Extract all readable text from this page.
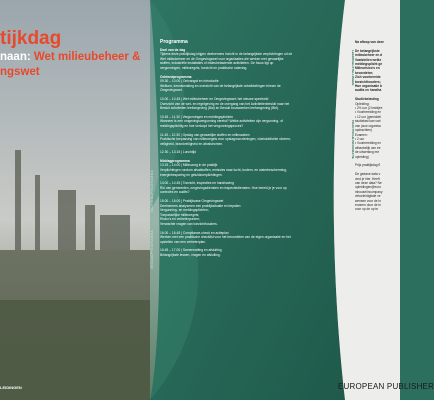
tijkdag
naan: Wet milieubeheer &
ngswet
OCHTENDPROGRAMMA
MIDDAGPROGRAMMA
LEIDINGEN
Programma
Doel van de dag
Tijdens deze praktijkdag krijgen deelnemers inzicht in de belangrijkste verplichtingen uit de
Wet milieubeheer en de Omgevingswet voor organisaties die werken met gevaarlijke
stoffen, industriële installaties of milieubelastende activiteiten. De focus ligt op
vergunningen, milieuregels, toezicht en praktische naleving.
Ochtendprogramma
09.30 – 10.00 | Ontvangst en introductie
Welkom, kennismaking en overzicht van de belangrijkste ontwikkelingen binnen de
Omgevingswet.
10.00 – 10.45 | Wet milieubeheer en Omgevingswet: het nieuwe speelveld
Overzicht van de wet- en regelgeving en de overgang van het Activiteitenbesluit naar het
Besluit activiteiten leefomgeving (Bal) en Besluit bouwwerken leefomgeving (Bbl).
10.45 – 11.30 | Vergunningen en meldingsplichten
Wanneer is een omgevingsvergunning vereist? Welke activiteiten zijn vergunning- of
meldingsplichtig en hoe verloopt het vergunningsproces?
11.45 – 12.30 | Opslag van gevaarlijke stoffen en milieuzaken
Praktische toepassing van milieuregels voor opslagvoorzieningen, vloeistofdichte vloeren,
veiligheid, brandveiligheid en afvalstromen.
12.30 – 13.15 | Lunchtijd
Middagprogramma
13.15 – 14.00 | Milieuzorg in de praktijk
Verplichtingen rondom afvalstoffen, emissies naar lucht, bodem- en waterbescherming,
energiebesparing en geluidsverplichtingen.
14.00 – 14.45 | Toezicht, inspecties en handhaving
Rol van gemeenten, omgevingsdiensten en inspectiediensten. Hoe bereid je je voor op
controles en audits?
15.00 – 16.00 | Praktijkcase Omgevingswet
Deelnemers analyseren een praktijksituatie en bepalen:
Vergunning- en meldingsplichten;
Toepasselijke milieuregels;
Risico's en verbeterpunten;
Verwachte vragen van toezichthouders.
16.00 – 16.45 | Compliance-check en actieplan
Werken met een praktische checklist voor het beoordelen van de eigen organisatie en het
opstellen van een verbeterplan.
16.45 – 17.00 | Samenvatting en afsluiting
Belangrijkste lessen, vragen en afsluiting.
LEERDOELSTELLINGEN
PRAKTISCHE INFORMATIE
Na afloop van deze
De belangrijkste
milieubeheer en d
Vaststellen welke
meldingsplicht ge
Milieurisico's en
beoordelen;
Zich voorbereide
toezichthouders;
Hun organisatie b
audits en handha
Studiebelasting
Opleiding:
• 2½ uur (2 lesbijee
• Voorbereiding en
• 12 uur (gemiddel
studielast kan vari
van jouw organisa
opdrachten)
Examen:
• 2 uur
• Voorbereiding ex
afhankelijk van ee
de uitwerking me
opleiding)
Prijs praktijkdag €
De gedane data v
vind je hier. Heeft
van deze data? Ne
opleidingen@euro
inhouse/incompany
virtuele/digitale ve
wensen voor de In
ervaren door de In
voor op de op te
EUROPEAN PUBLISHER
